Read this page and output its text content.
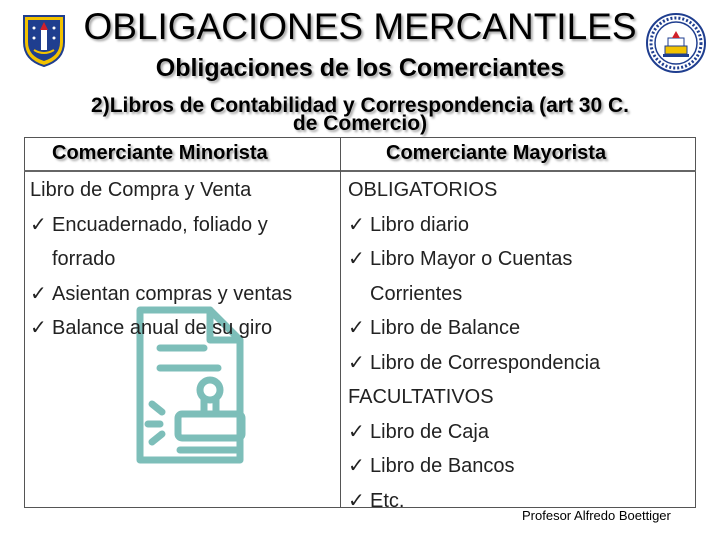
OBLIGACIONES MERCANTILES
Obligaciones de los Comerciantes
2)Libros de Contabilidad y Correspondencia (art 30 C.
de Comercio)
Comerciante Minorista	Comerciante Mayorista
Libro de Compra y Venta
✓ Encuadernado, foliado y
forrado
✓ Asientan compras y ventas
✓ Balance anual de su giro
OBLIGATORIOS
✓ Libro diario
✓ Libro Mayor o Cuentas
Corrientes
✓ Libro de Balance
✓ Libro de Correspondencia
FACULTATIVOS
✓ Libro de Caja
✓ Libro de Bancos
✓ Etc.
Profesor Alfredo Boettiger
